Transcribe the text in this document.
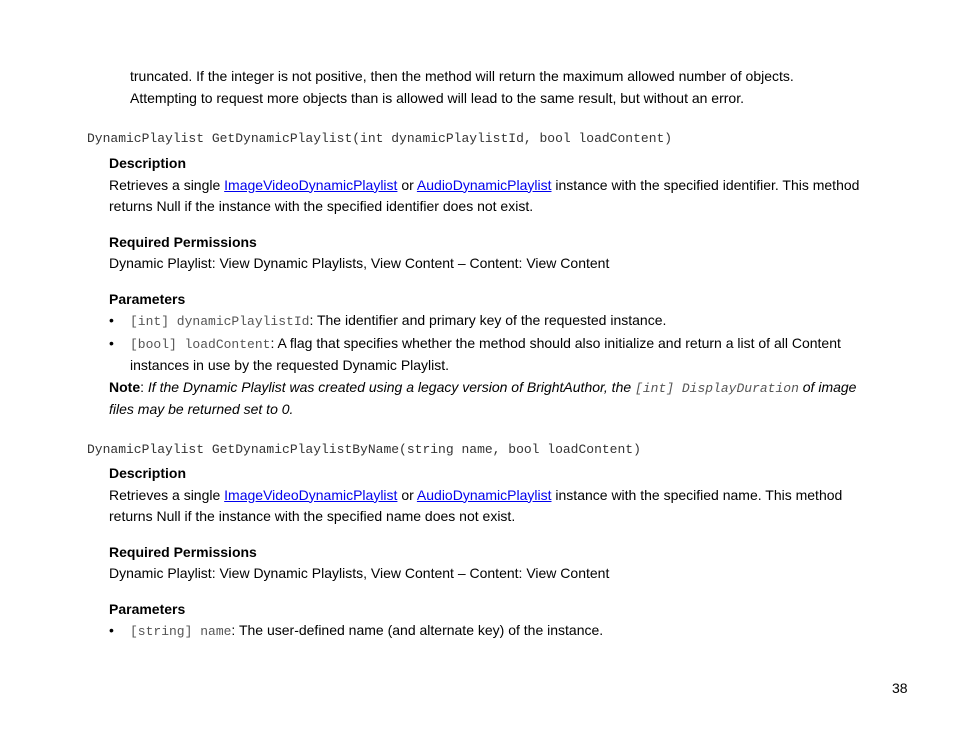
truncated. If the integer is not positive, then the method will return the maximum allowed number of objects.
Attempting to request more objects than is allowed will lead to the same result, but without an error.
DynamicPlaylist GetDynamicPlaylist(int dynamicPlaylistId, bool loadContent)
Description
Retrieves a single ImageVideoDynamicPlaylist or AudioDynamicPlaylist instance with the specified identifier. This method returns Null if the instance with the specified identifier does not exist.
Required Permissions
Dynamic Playlist: View Dynamic Playlists, View Content – Content: View Content
Parameters
• [int] dynamicPlaylistId: The identifier and primary key of the requested instance.
• [bool] loadContent: A flag that specifies whether the method should also initialize and return a list of all Content instances in use by the requested Dynamic Playlist.
Note: If the Dynamic Playlist was created using a legacy version of BrightAuthor, the [int] DisplayDuration of image files may be returned set to 0.
DynamicPlaylist GetDynamicPlaylistByName(string name, bool loadContent)
Description
Retrieves a single ImageVideoDynamicPlaylist or AudioDynamicPlaylist instance with the specified name. This method returns Null if the instance with the specified name does not exist.
Required Permissions
Dynamic Playlist: View Dynamic Playlists, View Content – Content: View Content
Parameters
• [string] name: The user-defined name (and alternate key) of the instance.
38
